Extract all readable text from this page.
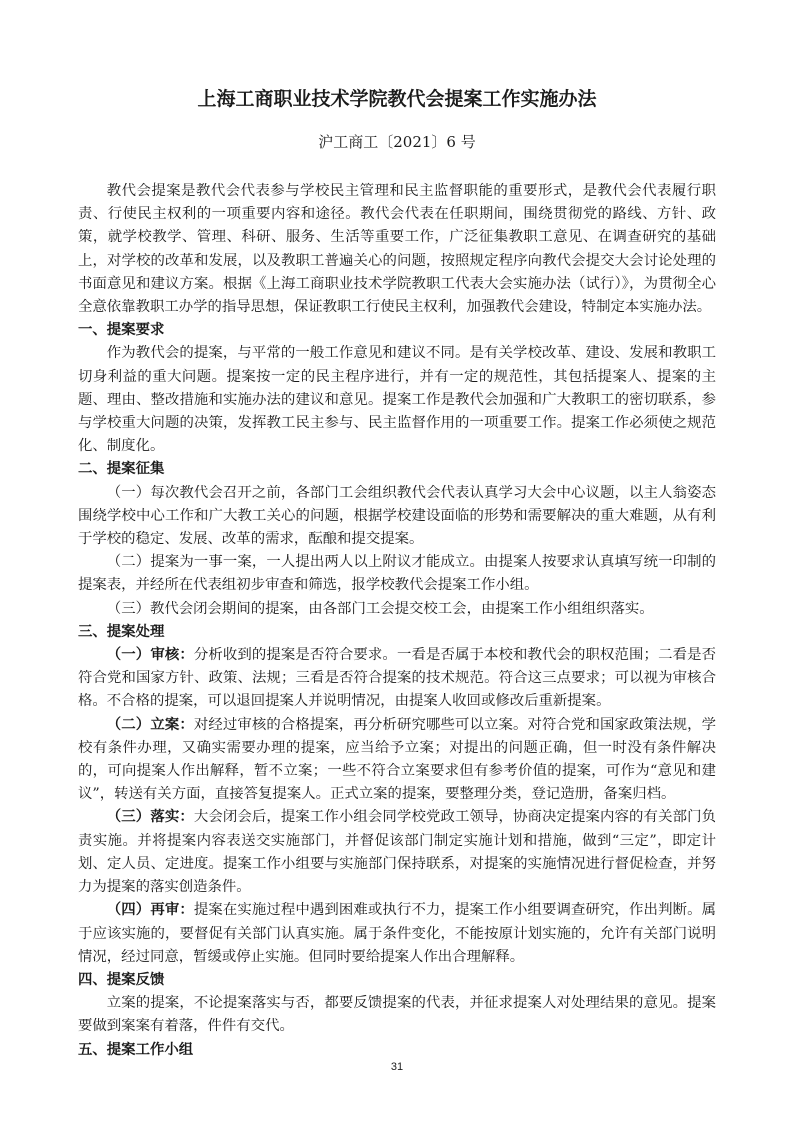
上海工商职业技术学院教代会提案工作实施办法
沪工商工〔2021〕6 号

教代会提案是教代会代表参与学校民主管理和民主监督职能的重要形式，是教代会代表履行职责、行使民主权利的一项重要内容和途径。教代会代表在任职期间，围绕贯彻党的路线、方针、政策，就学校教学、管理、科研、服务、生活等重要工作，广泛征集教职工意见、在调查研究的基础上，对学校的改革和发展，以及教职工普遍关心的问题，按照规定程序向教代会提交大会讨论处理的书面意见和建议方案。根据《上海工商职业技术学院教职工代表大会实施办法（试行）》，为贯彻全心全意依靠教职工办学的指导思想，保证教职工行使民主权利，加强教代会建设，特制定本实施办法。

一、提案要求

作为教代会的提案，与平常的一般工作意见和建议不同。是有关学校改革、建设、发展和教职工切身利益的重大问题。提案按一定的民主程序进行，并有一定的规范性，其包括提案人、提案的主题、理由、整改措施和实施办法的建议和意见。提案工作是教代会加强和广大教职工的密切联系，参与学校重大问题的决策，发挥教工民主参与、民主监督作用的一项重要工作。提案工作必须使之规范化、制度化。

二、提案征集

（一）每次教代会召开之前，各部门工会组织教代会代表认真学习大会中心议题，以主人翁姿态围绕学校中心工作和广大教工关心的问题，根据学校建设面临的形势和需要解决的重大难题，从有利于学校的稳定、发展、改革的需求，酝酿和提交提案。

（二）提案为一事一案，一人提出两人以上附议才能成立。由提案人按要求认真填写统一印制的提案表，并经所在代表组初步审查和筛选，报学校教代会提案工作小组。

（三）教代会闭会期间的提案，由各部门工会提交校工会，由提案工作小组组织落实。

三、提案处理

（一）审核：分析收到的提案是否符合要求。一看是否属于本校和教代会的职权范围；二看是否符合党和国家方针、政策、法规；三看是否符合提案的技术规范。符合这三点要求；可以视为审核合格。不合格的提案，可以退回提案人并说明情况，由提案人收回或修改后重新提案。

（二）立案：对经过审核的合格提案，再分析研究哪些可以立案。对符合党和国家政策法规，学校有条件办理，又确实需要办理的提案，应当给予立案；对提出的问题正确，但一时没有条件解决的，可向提案人作出解释，暂不立案；一些不符合立案要求但有参考价值的提案，可作为“意见和建议”，转送有关方面，直接答复提案人。正式立案的提案，要整理分类，登记造册，备案归档。

（三）落实：大会闭会后，提案工作小组会同学校党政工领导，协商决定提案内容的有关部门负责实施。并将提案内容表送交实施部门，并督促该部门制定实施计划和措施，做到“三定”，即定计划、定人员、定进度。提案工作小组要与实施部门保持联系，对提案的实施情况进行督促检查，并努力为提案的落实创造条件。

（四）再审：提案在实施过程中遇到困难或执行不力，提案工作小组要调查研究，作出判断。属于应该实施的，要督促有关部门认真实施。属于条件变化，不能按原计划实施的，允许有关部门说明情况，经过同意，暂缓或停止实施。但同时要给提案人作出合理解释。

四、提案反馈

立案的提案，不论提案落实与否，都要反馈提案的代表，并征求提案人对处理结果的意见。提案要做到案案有着落，件件有交代。

五、提案工作小组
31
